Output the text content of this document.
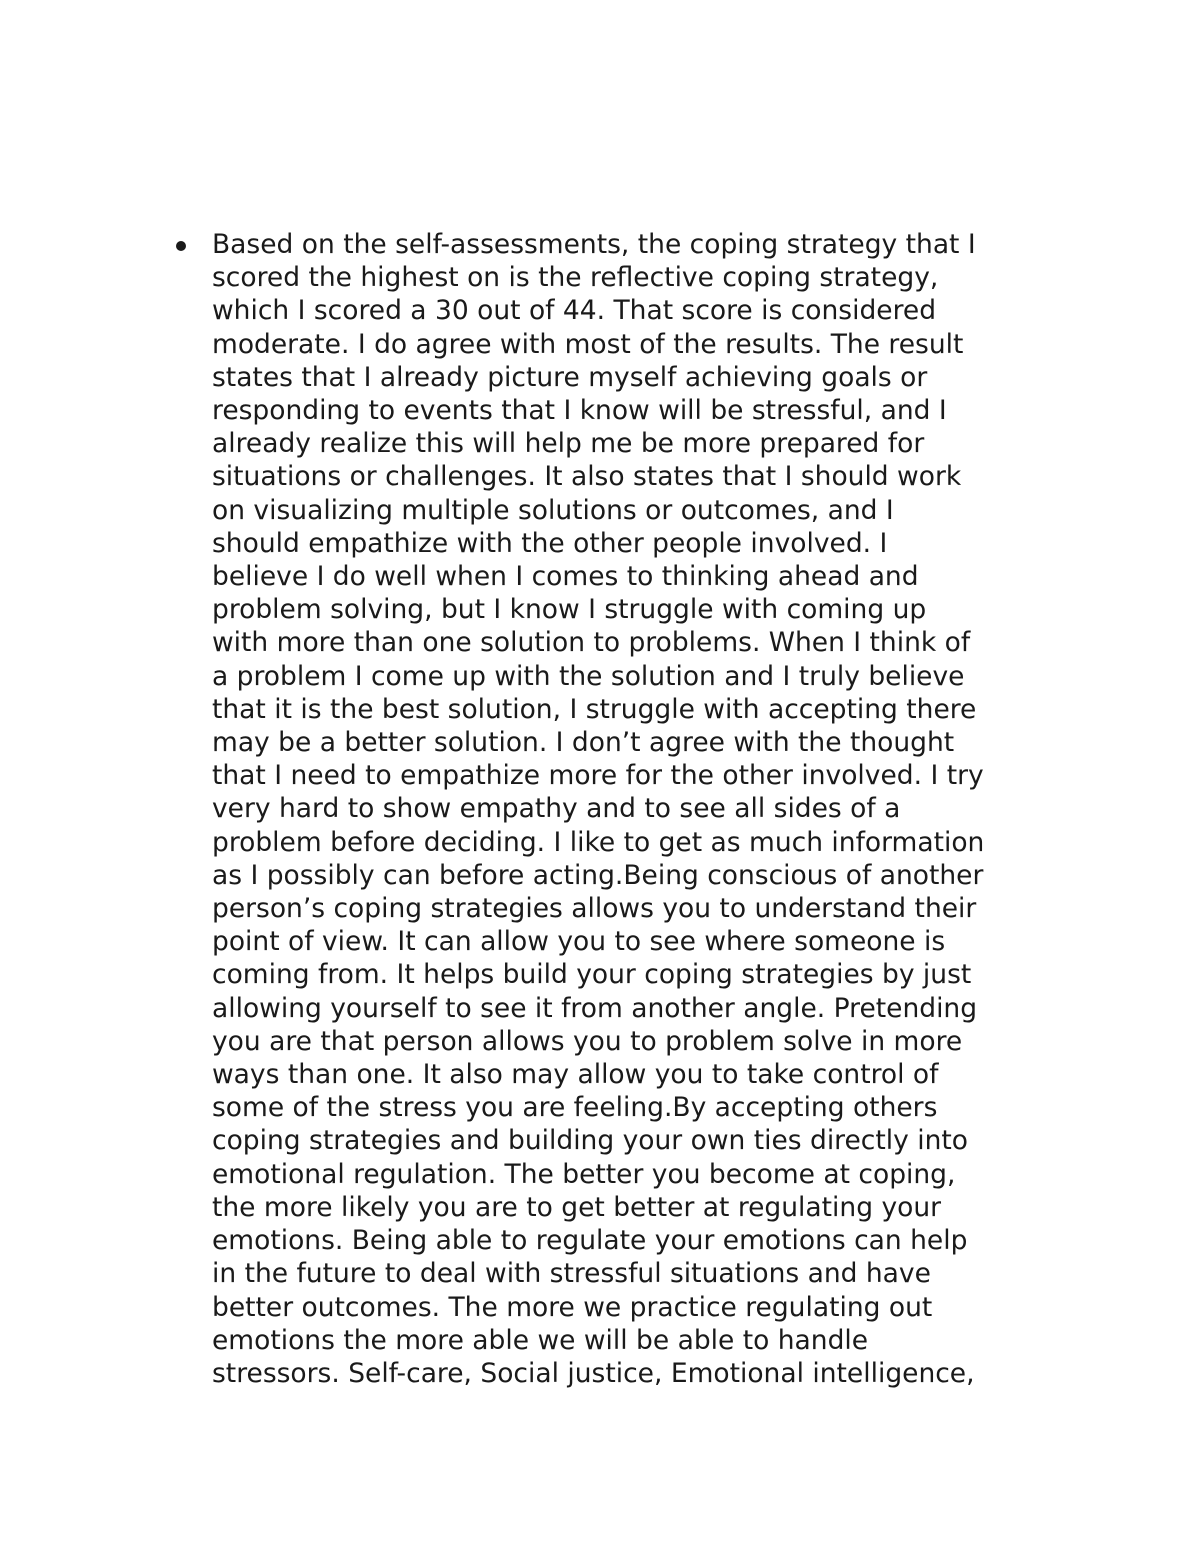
Based on the self-assessments, the coping strategy that I
scored the highest on is the reflective coping strategy,
which I scored a 30 out of 44. That score is considered
moderate. I do agree with most of the results. The result
states that I already picture myself achieving goals or
responding to events that I know will be stressful, and I
already realize this will help me be more prepared for
situations or challenges. It also states that I should work
on visualizing multiple solutions or outcomes, and I
should empathize with the other people involved. I
believe I do well when I comes to thinking ahead and
problem solving, but I know I struggle with coming up
with more than one solution to problems. When I think of
a problem I come up with the solution and I truly believe
that it is the best solution, I struggle with accepting there
may be a better solution. I don’t agree with the thought
that I need to empathize more for the other involved. I try
very hard to show empathy and to see all sides of a
problem before deciding. I like to get as much information
as I possibly can before acting.Being conscious of another
person’s coping strategies allows you to understand their
point of view. It can allow you to see where someone is
coming from. It helps build your coping strategies by just
allowing yourself to see it from another angle. Pretending
you are that person allows you to problem solve in more
ways than one. It also may allow you to take control of
some of the stress you are feeling.By accepting others
coping strategies and building your own ties directly into
emotional regulation. The better you become at coping,
the more likely you are to get better at regulating your
emotions. Being able to regulate your emotions can help
in the future to deal with stressful situations and have
better outcomes. The more we practice regulating out
emotions the more able we will be able to handle
stressors. Self-care, Social justice, Emotional intelligence,
